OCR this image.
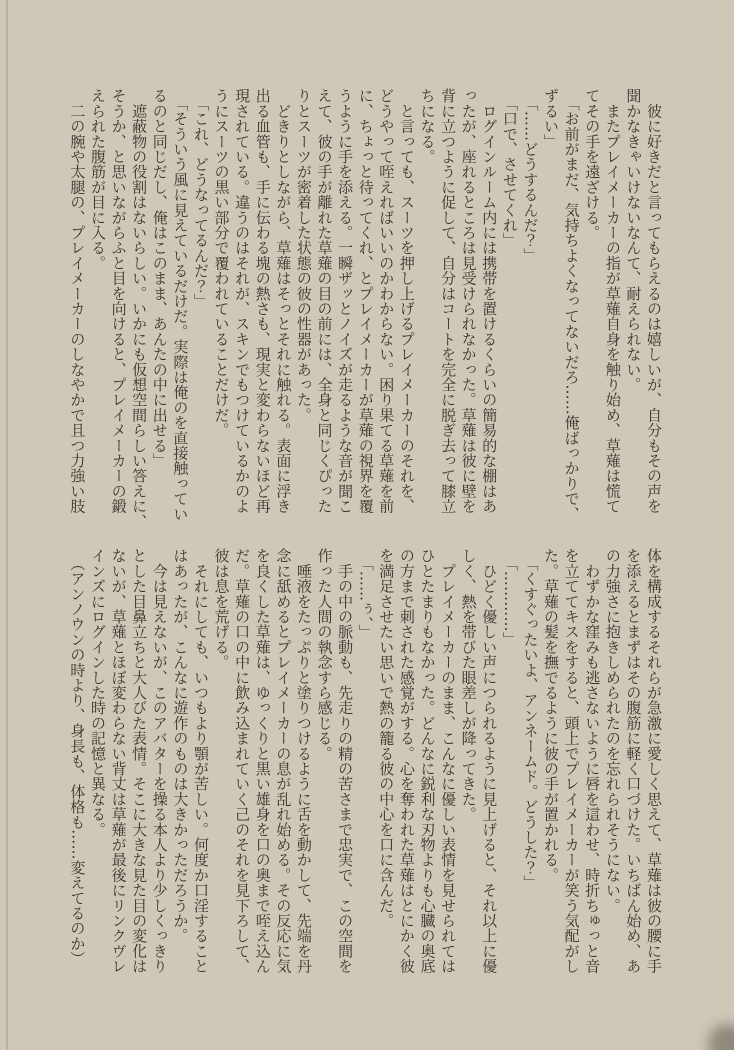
　彼に好きだと言ってもらえるのは嬉しいが、自分もその声を
聞かなきゃいけないなんて、耐えられない。
　またプレイメーカーの指が草薙自身を触り始め、草薙は慌て
てその手を遠ざける。
　「お前がまだ、気持ちよくなってないだろ……俺ばっかりで、
ずるい」
　「……どうするんだ？」
　「口で、させてくれ」
　ログインルーム内には携帯を置けるくらいの簡易的な棚はあ
ったが、座れるところは見受けられなかった。草薙は彼に壁を
背に立つように促して、自分はコートを完全に脱ぎ去って膝立
ちになる。
　と言っても、スーツを押し上げるプレイメーカーのそれを、
どうやって咥えればいいのかわからない。困り果てる草薙を前
に、ちょっと待ってくれ、とプレイメーカーが草薙の視界を覆
うように手を添える。一瞬ザッとノイズが走るような音が聞こ
えて、彼の手が離れた草薙の目の前には、全身と同じくぴった
りとスーツが密着した状態の彼の性器があった。
　どきりとしながら、草薙はそっとそれに触れる。表面に浮き
出る血管も、手に伝わる塊の熱さも、現実と変わらないほど再
現されている。違うのはそれが、スキンでもつけているかのよ
うにスーツの黒い部分で覆われていることだけだ。
　「これ、どうなってるんだ？」
　「そういう風に見えているだけだ。実際は俺のを直接触ってい
るのと同じだし、俺はこのまま、あんたの中に出せる」
　遮蔽物の役割はないらしい。いかにも仮想空間らしい答えに、
そうか、と思いながらふと目を向けると、プレイメーカーの鍛
えられた腹筋が目に入る。
　二の腕や太腿の、プレイメーカーのしなやかで且つ力強い肢
体を構成するそれらが急激に愛しく思えて、草薙は彼の腰に手
を添えるとまずはその腹筋に軽く口づけた。いちばん始め、あ
の力強さに抱きしめられたのを忘れられそうにない。
　わずかな窪みも逃さないように唇を這わせ、時折ちゅっと音
を立ててキスをすると、頭上でプレイメーカーが笑う気配がし
た。草薙の髪を撫でるように彼の手が置かれる。
　「くすぐったいよ、アンネームド。どうした？」
　「…………」
　ひどく優しい声につられるように見上げると、それ以上に優
しく、熱を帯びた眼差しが降ってきた。
　プレイメーカーのまま、こんなに優しい表情を見せられては
ひとたまりもなかった。どんなに鋭利な刃物よりも心臓の奥底
の方まで刺された感覚がする。心を奪われた草薙はとにかく彼
を満足させたい思いで熱の籠る彼の中心を口に含んだ。
　「……ぅ、」
　手の中の脈動も、先走りの精の苦さまで忠実で、この空間を
作った人間の執念すら感じる。
　唾液をたっぷりと塗りつけるように舌を動かして、先端を丹
念に舐めるとプレイメーカーの息が乱れ始める。その反応に気
を良くした草薙は、ゆっくりと黒い雄身を口の奥まで咥え込ん
だ。草薙の口の中に飲み込まれていく己のそれを見下ろして、
彼は息を荒げる。
　それにしても、いつもより顎が苦しい。何度か口淫すること
はあったが、こんなに遊作のものは大きかっただろうか。
　今は見えないが、このアバターを操る本人より少しくっきり
とした目鼻立ちと大人びた表情。そこに大きな見た目の変化は
ないが、草薙とほぼ変わらない背丈は草薙が最後にリンクヴレ
インズにログインした時の記憶と異なる。
　（アンノウンの時より、身長も、体格も……変えてるのか）
